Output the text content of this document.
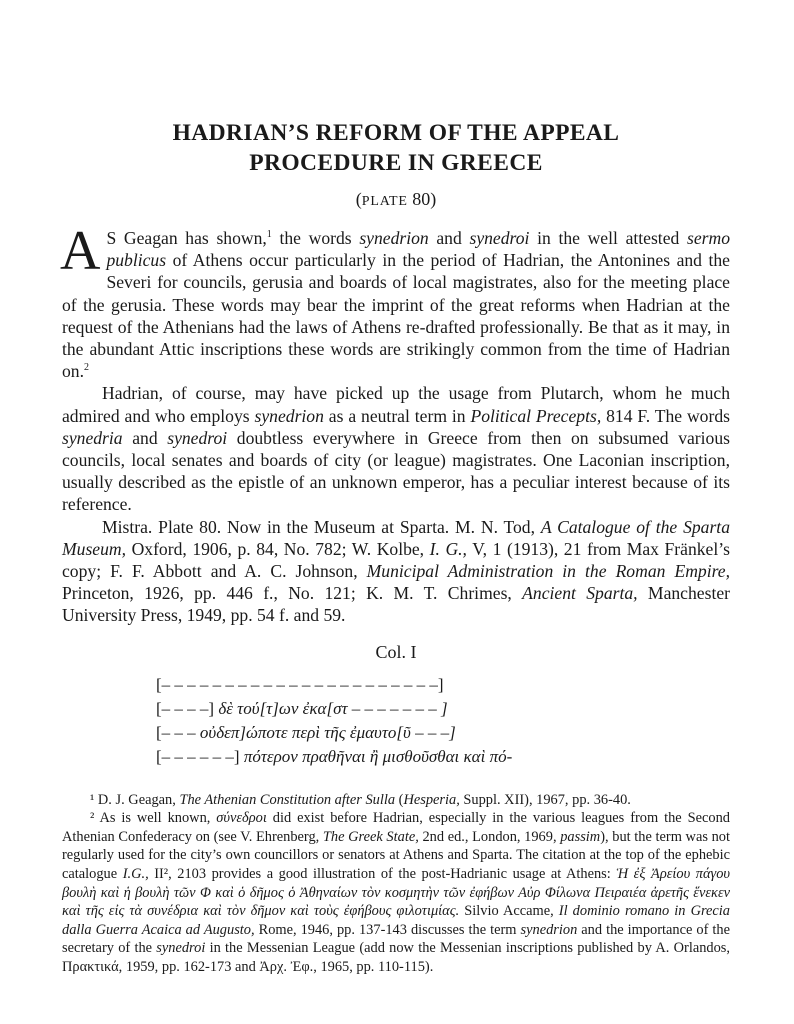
HADRIAN’S REFORM OF THE APPEAL
PROCEDURE IN GREECE
(PLATE 80)

A S Geagan has shown,$^1$ the words synedrion and synedroi in the well attested sermo publicus of Athens occur particularly in the period of Hadrian, the Antonines and the Severi for councils, gerusia and boards of local magistrates, also for the meeting place of the gerusia. These words may bear the imprint of the great reforms when Hadrian at the request of the Athenians had the laws of Athens re-drafted professionally. Be that as it may, in the abundant Attic inscriptions these words are strikingly common from the time of Hadrian on.$^2$

Hadrian, of course, may have picked up the usage from Plutarch, whom he much admired and who employs synedrion as a neutral term in Political Precepts, 814 F. The words synedria and synedroi doubtless everywhere in Greece from then on subsumed various councils, local senates and boards of city (or league) magistrates. One Laconian inscription, usually described as the epistle of an unknown emperor, has a peculiar interest because of its reference.

Mistra. Plate 80. Now in the Museum at Sparta. M. N. Tod, A Catalogue of the Sparta Museum, Oxford, 1906, p. 84, No. 782; W. Kolbe, I. G., V, 1 (1913), 21 from Max Fränkel’s copy; F. F. Abbott and A. C. Johnson, Municipal Administration in the Roman Empire, Princeton, 1926, pp. 446 f., No. 121; K. M. T. Chrimes, Ancient Sparta, Manchester University Press, 1949, pp. 54 f. and 59.

Col. I
[– – – – – – – – – – – – – – – – – – – – – –]
[– – – –] δὲ τού[τ]ων ἐκα[στ – – – – – – – ]
[– – – οὐδεπ]ώποτε περὶ τῆς ἐμαυτο[ῦ – – –]
[– – – – – –] πότερον πραθῆναι ἢ μισθοῦσθαι καὶ πό-

¹ D. J. Geagan, The Athenian Constitution after Sulla (Hesperia, Suppl. XII), 1967, pp. 36-40.

² As is well known, σύνεδροι did exist before Hadrian, especially in the various leagues from the Second Athenian Confederacy on (see V. Ehrenberg, The Greek State, 2nd ed., London, 1969, passim), but the term was not regularly used for the city’s own councillors or senators at Athens and Sparta. The citation at the top of the ephebic catalogue I.G., II², 2103 provides a good illustration of the post-Hadrianic usage at Athens: Ἡ ἐξ Ἀρείου πάγου βουλὴ καὶ ἡ βουλὴ τῶν Φ καὶ ὁ δῆμος ὁ Ἀθηναίων τὸν κοσμητὴν τῶν ἐφήβων Αὐρ Φίλωνα Πειραιέα ἀρετῆς ἕνεκεν καὶ τῆς εἰς τὰ συνέδρια καὶ τὸν δῆμον καὶ τοὺς ἐφήβους φιλοτιμίας. Silvio Accame, Il dominio romano in Grecia dalla Guerra Acaica ad Augusto, Rome, 1946, pp. 137-143 discusses the term synedrion and the importance of the secretary of the synedroi in the Messenian League (add now the Messenian inscriptions published by A. Orlandos, Πρακτικά, 1959, pp. 162-173 and Ἀρχ. Ἐφ., 1965, pp. 110-115).
